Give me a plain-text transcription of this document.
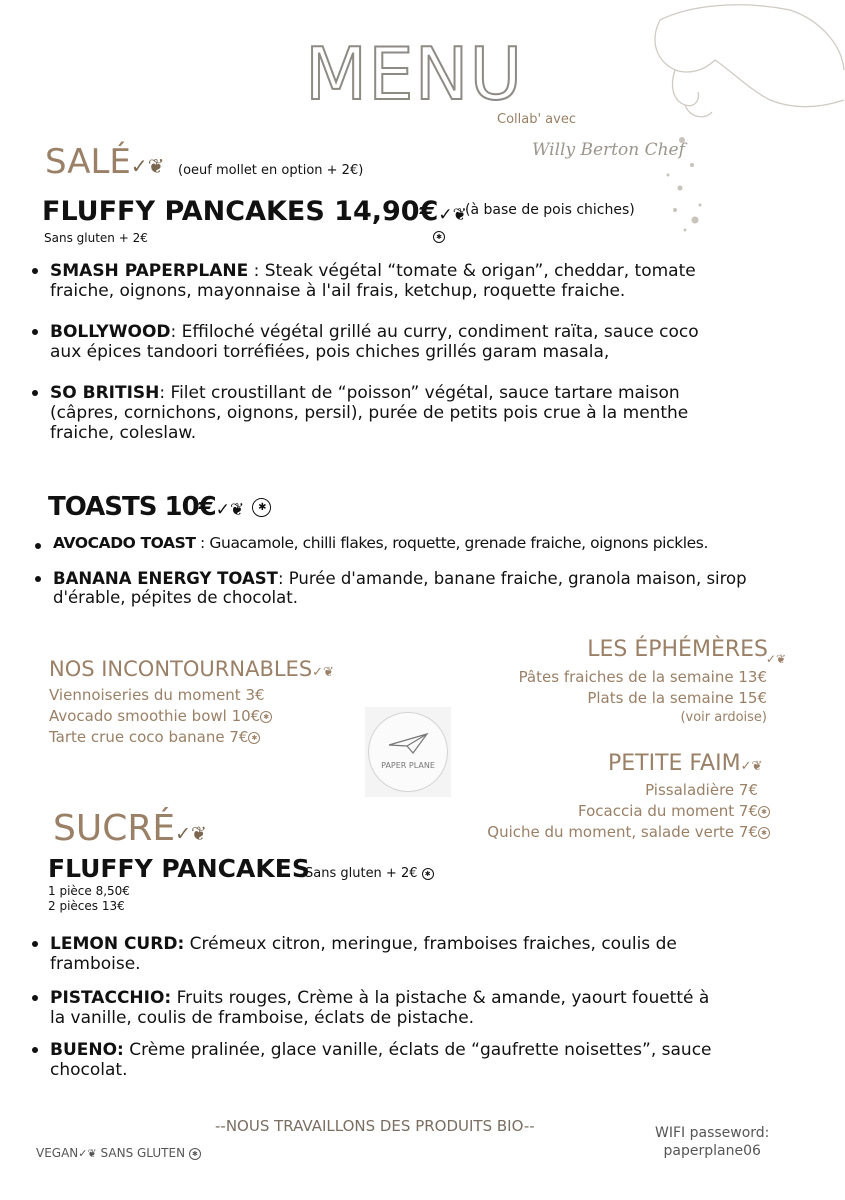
MENU
Collab' avec
Willy Berton Chef
SALÉ✓❦ (oeuf mollet en option + 2€)
FLUFFY PANCAKES 14,90€✓❦
(à base de pois chiches)
Sans gluten + 2€	✱
SMASH PAPERPLANE : Steak végétal “tomate & origan”, cheddar, tomate
fraiche, oignons, mayonnaise à l'ail frais, ketchup, roquette fraiche.
BOLLYWOOD: Effiloché végétal grillé au curry, condiment raïta, sauce coco
aux épices tandoori torréfiées, pois chiches grillés garam masala,
SO BRITISH: Filet croustillant de “poisson” végétal, sauce tartare maison
(câpres, cornichons, oignons, persil), purée de petits pois crue à la menthe
fraiche, coleslaw.
TOASTS 10€✓❦ ✱
AVOCADO TOAST : Guacamole, chilli flakes, roquette, grenade fraiche, oignons pickles.
BANANA ENERGY TOAST: Purée d'amande, banane fraiche, granola maison, sirop
d'érable, pépites de chocolat.
NOS INCONTOURNABLES✓❦
Viennoiseries du moment 3€
Avocado smoothie bowl 10€ ✱
Tarte crue coco banane 7€ ✱
LES ÉPHÉMÈRES
✓❦
Pâtes fraiches de la semaine 13€
Plats de la semaine 15€
(voir ardoise)
PETITE FAIM✓❦
Pissaladière 7€
Focaccia du moment 7€ ✱
Quiche du moment, salade verte 7€ ✱
PAPER PLANE
SUCRÉ✓❦
FLUFFY PANCAKES
Sans gluten + 2€ ✱
1 pièce 8,50€
2 pièces 13€
LEMON CURD: Crémeux citron, meringue, framboises fraiches, coulis de
framboise.
PISTACCHIO: Fruits rouges, Crème à la pistache & amande, yaourt fouetté à
la vanille, coulis de framboise, éclats de pistache.
BUENO: Crème pralinée, glace vanille, éclats de “gaufrette noisettes”, sauce
chocolat.
--NOUS TRAVAILLONS DES PRODUITS BIO--	WIFI passeword:
paperplane06
VEGAN✓❦ SANS GLUTEN ✱
